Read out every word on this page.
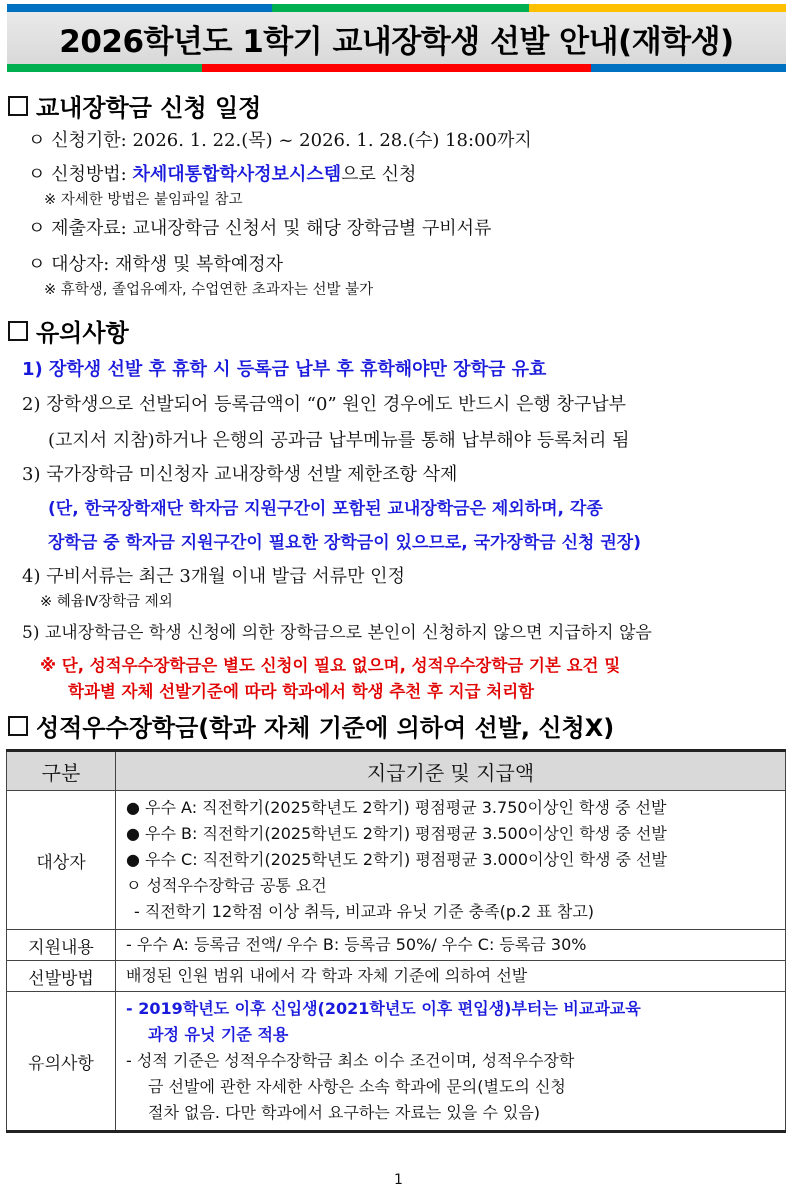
2026학년도 1학기 교내장학생 선발 안내(재학생)
교내장학금 신청 일정
ㅇ 신청기한: 2026. 1. 22.(목) ~ 2026. 1. 28.(수) 18:00까지
ㅇ 신청방법: 차세대통합학사정보시스템으로 신청
※ 자세한 방법은 붙임파일 참고
ㅇ 제출자료: 교내장학금 신청서 및 해당 장학금별 구비서류
ㅇ 대상자: 재학생 및 복학예정자
※ 휴학생, 졸업유예자, 수업연한 초과자는 선발 불가
유의사항
1) 장학생 선발 후 휴학 시 등록금 납부 후 휴학해야만 장학금 유효
2) 장학생으로 선발되어 등록금액이 “0” 원인 경우에도 반드시 은행 창구납부
(고지서 지참)하거나 은행의 공과금 납부메뉴를 통해 납부해야 등록처리 됨
3) 국가장학금 미신청자 교내장학생 선발 제한조항 삭제
(단, 한국장학재단 학자금 지원구간이 포함된 교내장학금은 제외하며, 각종
장학금 중 학자금 지원구간이 필요한 장학금이 있으므로, 국가장학금 신청 권장)
4) 구비서류는 최근 3개월 이내 발급 서류만 인정
※ 혜윰Ⅳ장학금 제외
5) 교내장학금은 학생 신청에 의한 장학금으로 본인이 신청하지 않으면 지급하지 않음
※ 단, 성적우수장학금은 별도 신청이 필요 없으며, 성적우수장학금 기본 요건 및
학과별 자체 선발기준에 따라 학과에서 학생 추천 후 지급 처리함
성적우수장학금(학과 자체 기준에 의하여 선발, 신청X)
구분	지급기준 및 지급액
대상자	● 우수 A: 직전학기(2025학년도 2학기) 평점평균 3.750이상인 학생 중 선발
● 우수 B: 직전학기(2025학년도 2학기) 평점평균 3.500이상인 학생 중 선발
● 우수 C: 직전학기(2025학년도 2학기) 평점평균 3.000이상인 학생 중 선발
ㅇ 성적우수장학금 공통 요건
- 직전학기 12학점 이상 취득, 비교과 유닛 기준 충족(p.2 표 참고)

지원내용	- 우수 A: 등록금 전액/ 우수 B: 등록금 50%/ 우수 C: 등록금 30%

선발방법	배정된 인원 범위 내에서 각 학과 자체 기준에 의하여 선발

유의사항	- 2019학년도 이후 신입생(2021학년도 이후 편입생)부터는 비교과교육
과정 유닛 기준 적용
- 성적 기준은 성적우수장학금 최소 이수 조건이며, 성적우수장학
금 선발에 관한 자세한 사항은 소속 학과에 문의(별도의 신청
절차 없음. 다만 학과에서 요구하는 자료는 있을 수 있음)
1
